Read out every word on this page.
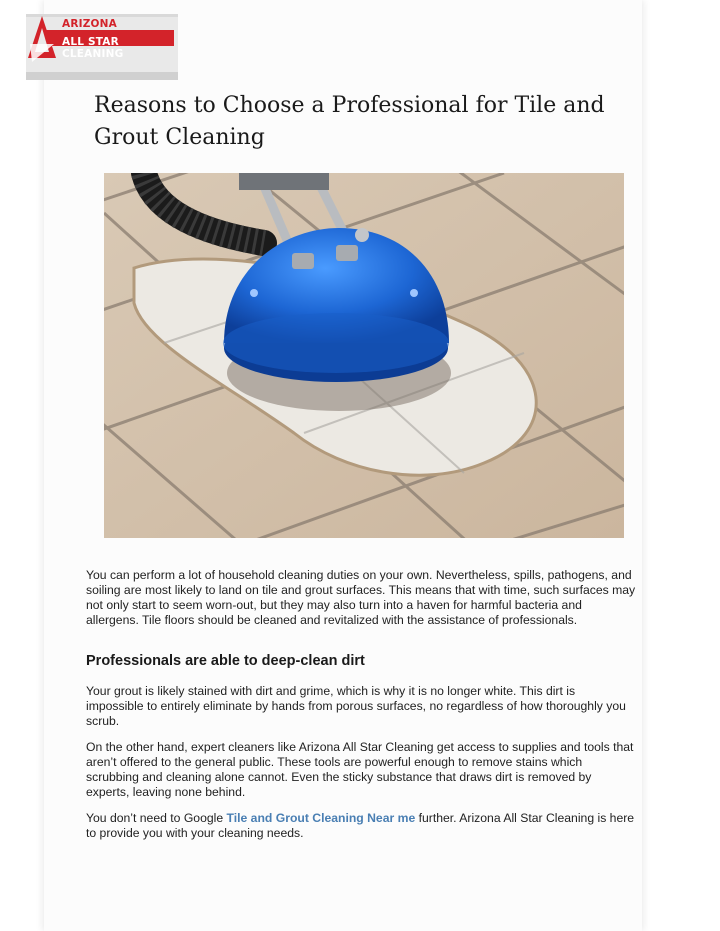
ARIZONA
ALL STAR CLEANING
Reasons to Choose a Professional for Tile and Grout Cleaning

You can perform a lot of household cleaning duties on your own. Nevertheless, spills, pathogens, and soiling are most likely to land on tile and grout surfaces. This means that with time, such surfaces may not only start to seem worn-out, but they may also turn into a haven for harmful bacteria and allergens. Tile floors should be cleaned and revitalized with the assistance of professionals.

Professionals are able to deep-clean dirt

Your grout is likely stained with dirt and grime, which is why it is no longer white. This dirt is impossible to entirely eliminate by hands from porous surfaces, no regardless of how thoroughly you scrub.

On the other hand, expert cleaners like Arizona All Star Cleaning get access to supplies and tools that aren’t offered to the general public. These tools are powerful enough to remove stains which scrubbing and cleaning alone cannot. Even the sticky substance that draws dirt is removed by experts, leaving none behind.

You don’t need to Google Tile and Grout Cleaning Near me further. Arizona All Star Cleaning is here to provide you with your cleaning needs.
